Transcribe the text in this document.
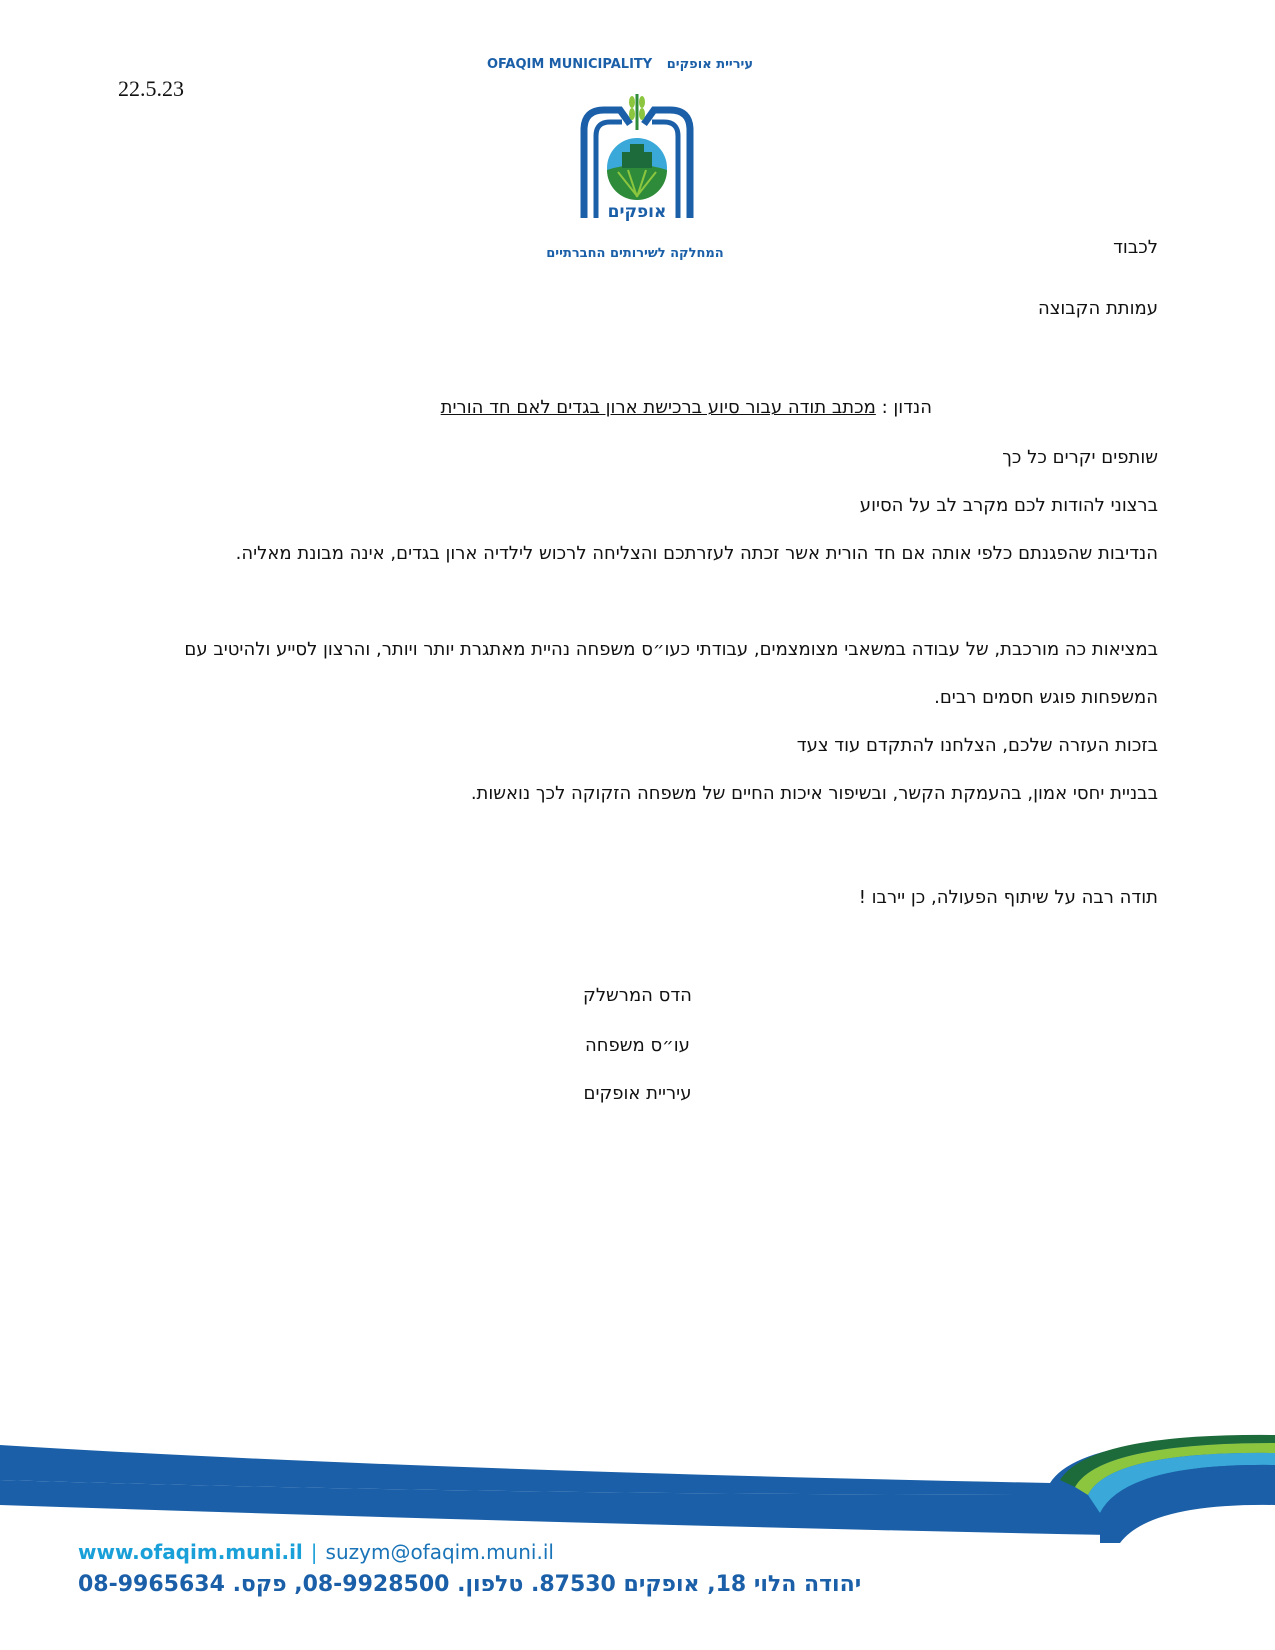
22.5.23
OFAQIM MUNICIPALITY עיריית אופקים
אופקים
המחלקה לשירותים החברתיים	לכבוד
עמותת הקבוצה
הנדון : מכתב תודה עבור סיוע ברכישת ארון בגדים לאם חד הורית
שותפים יקרים כל כך
ברצוני להודות לכם מקרב לב על הסיוע
הנדיבות שהפגנתם כלפי אותה אם חד הורית אשר זכתה לעזרתכם והצליחה לרכוש לילדיה ארון בגדים, אינה מבונת מאליה.
במציאות כה מורכבת, של עבודה במשאבי מצומצמים, עבודתי כעו״ס משפחה נהיית מאתגרת יותר ויותר, והרצון לסייע ולהיטיב עם המשפחות פוגש חסמים רבים.
בזכות העזרה שלכם, הצלחנו להתקדם עוד צעד
בבניית יחסי אמון, בהעמקת הקשר, ובשיפור איכות החיים של משפחה הזקוקה לכך נואשות.
תודה רבה על שיתוף הפעולה, כן יירבו !
הדס המרשלק
עו״ס משפחה
עיריית אופקים
www.ofaqim.muni.il | suzym@ofaqim.muni.il
יהודה הלוי 18, אופקים 87530. טלפון. 08-9928500, פקס. 08-9965634
